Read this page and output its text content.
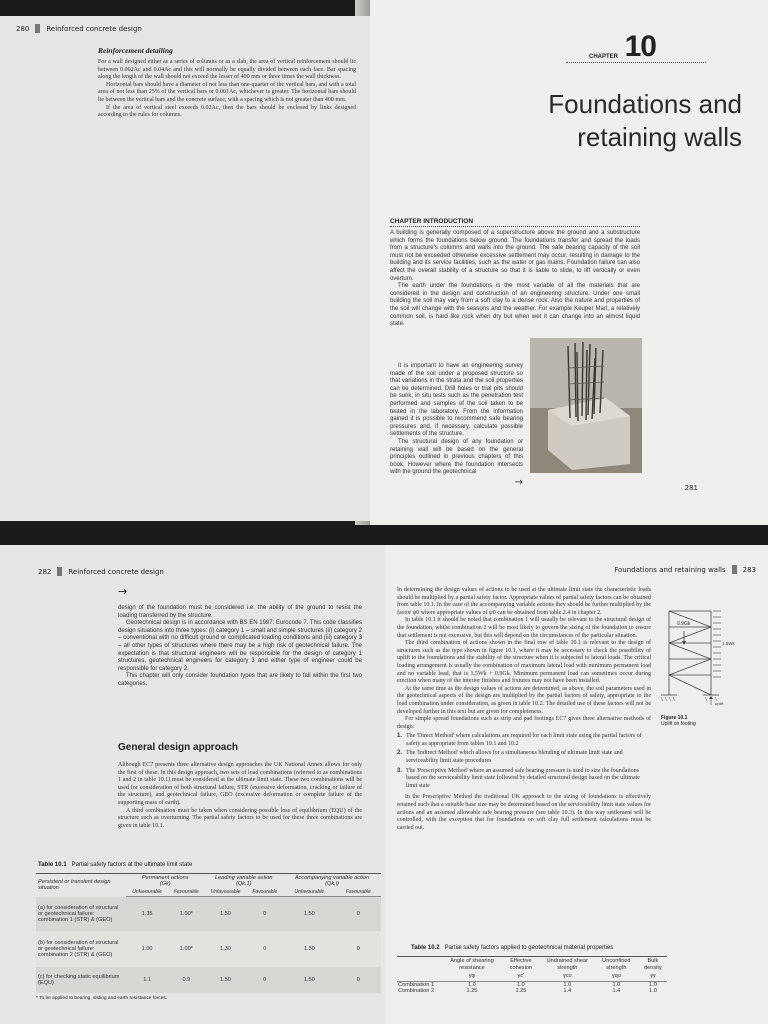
280 Reinforced concrete design
Reinforcement detailing

For a wall designed either as a series of columns or as a slab, the area of vertical reinforcement should lie between 0.002Ac and 0.04Ac and this will normally be equally divided between each face. Bar spacing along the length of the wall should not exceed the lesser of 400 mm or three times the wall thickness.

Horizontal bars should have a diameter of not less than one-quarter of the vertical bars, and with a total area of not less than 25% of the vertical bars or 0.001Ac, whichever is greater. The horizontal bars should lie between the vertical bars and the concrete surface, with a spacing which is not greater than 400 mm.

If the area of vertical steel exceeds 0.02Ac, then the bars should be enclosed by links designed according to the rules for columns.

CHAPTER 10
Foundations and
retaining walls
CHAPTER INTRODUCTION

A building is generally composed of a superstructure above the ground and a substructure which forms the foundations below ground. The foundations transfer and spread the loads from a structure's columns and walls into the ground. The safe bearing capacity of the soil must not be exceeded otherwise excessive settlement may occur, resulting in damage to the building and its service facilities, such as the water or gas mains. Foundation failure can also affect the overall stability of a structure so that it is liable to slide, to lift vertically or even overturn.

The earth under the foundations is the most variable of all the materials that are considered in the design and construction of an engineering structure. Under one small building the soil may vary from a soft clay to a dense rock. Also the nature and properties of the soil will change with the seasons and the weather. For example Keuper Marl, a relatively common soil, is hard like rock when dry but when wet it can change into an almost liquid state.

It is important to have an engineering survey made of the soil under a proposed structure so that variations in the strata and the soil properties can be determined. Drill holes or trial pits should be sunk, in situ tests such as the penetration test performed and samples of the soil taken to be tested in the laboratory. From the information gained it is possible to recommend safe bearing pressures and, if necessary, calculate possible settlements of the structure.

The structural design of any foundation or retaining wall will be based on the general principles outlined in previous chapters of this book. However where the foundation intersects with the ground the geotechnical

→
281
282 Reinforced concrete design
→

design of the foundation must be considered i.e. the ability of the ground to resist the loading transferred by the structure.

Geotechnical design is in accordance with BS EN 1997: Eurocode 7. This code classifies design situations into three types: (i) category 1 – small and simple structures (ii) category 2 – conventional with no difficult ground or complicated loading conditions and (iii) category 3 – all other types of structures where there may be a high risk of geotechnical failure. The expectation is that structural engineers will be responsible for the design of category 1 structures, geotechnical engineers for category 3 and either type of engineer could be responsible for category 2.

This chapter will only consider foundation types that are likely to fall within the first two categories.

General design approach

Although EC7 presents three alternative design approaches the UK National Annex allows for only the first of these. In this design approach, two sets of load combinations (referred to as combinations 1 and 2 in table 10.1) must be considered at the ultimate limit state. These two combinations will be used for consideration of both structural failure, STR (excessive deformation, cracking or failure of the structure), and geotechnical failure, GEO (excessive deformation or complete failure of the supporting mass of earth).

A third combination must be taken when considering possible loss of equilibrium (EQU) of the structure such as overturning. The partial safety factors to be used for these three combinations are given in table 10.1.

Table 10.1 Partial safety factors at the ultimate limit state
Persistent or transient design situation	Permanent actions
(Gk)		Leading variable action
(Qk,1)		Accompanying variable action
(Qk,i)	
	Unfavourable	Favourable	Unfavourable	Favourable	Unfavourable	Favourable
(a) for consideration of structural or geotechnical failure: combination 1 (STR) & (GEO)	1.35	1.00*	1.50	0	1.50	0
(b) for consideration of structural or geotechnical failure: combination 2 (STR) & (GEO)	1.00	1.00*	1.30	0	1.30	0
(c) for checking static equilibrium (EQU)	1.1	0.9	1.50	0	1.50	0
* To be applied to bearing, sliding and earth resistance forces.
Foundations and retaining walls 283

In determining the design values of actions to be used at the ultimate limit state the characteristic loads should be multiplied by a partial safety factor. Appropriate values of partial safety factors can be obtained from table 10.1. In the case of the accompanying variable actions they should be further multiplied by the factor ψ0 where appropriate values of ψ0 can be obtained from table 2.4 in chapter 2.

In table 10.1 it should be noted that combination 1 will usually be relevant to the structural design of the foundation, whilst combination 2 will be most likely to govern the sizing of the foundation to ensure that settlement is not excessive, but this will depend on the circumstances of the particular situation.

The third combination of actions shown in the final row of table 10.1 is relevant to the design of structures such as the type shown in figure 10.1, where it may be necessary to check the possibility of uplift to the foundations and the stability of the structure when it is subjected to lateral loads. The critical loading arrangement is usually the combination of maximum lateral load with minimum permanent load and no variable load, that is 1.5Wk + 0.9Gk. Minimum permanent load can sometimes occur during erection when many of the interior finishes and fixtures may not have been installed.

At the same time as the design values of actions are determined, as above, the soil parameters used in the geotechnical aspects of the design are multiplied by the partial factors of safety, appropriate to the load combination under consideration, as given in table 10.2. The detailed use of these factors will not be developed further in this text but are given for completeness.

For simple spread foundations such as strip and pad footings EC7 gives three alternative methods of design:

1. The 'Direct Method' where calculations are required for each limit state using the partial factors of safety as appropriate from tables 10.1 and 10.2
2. The 'Indirect Method' which allows for a simultaneous blending of ultimate limit state and serviceability limit state procedures
3. The 'Prescriptive Method' where an assumed safe bearing pressure is used to size the foundations based on the serviceability limit state followed by detailed structural design based on the ultimate limit state

In the Prescriptive Method the traditional UK approach to the sizing of foundations is effectively retained such that a suitable base size may be determined based on the serviceability limit state values for actions and an assumed allowable safe bearing pressure (see table 10.3). In this way settlement will be controlled, with the exception that for foundations on soft clay full settlement calculations must be carried out.

0.9Gk
1.5Wk
uplift
Figure 10.1
Uplift on footing
Table 10.2 Partial safety factors applied to geotechnical material properties
	Angle of shearing resistance	Effective cohesion	Undrained shear strength	Unconfined strength	Bulk density
	γφ	γc'	γcu	γqu	γγ
Combination 1	1.0	1.0	1.0	1.0	1.0
Combination 2	1.25	1.25	1.4	1.4	1.0
